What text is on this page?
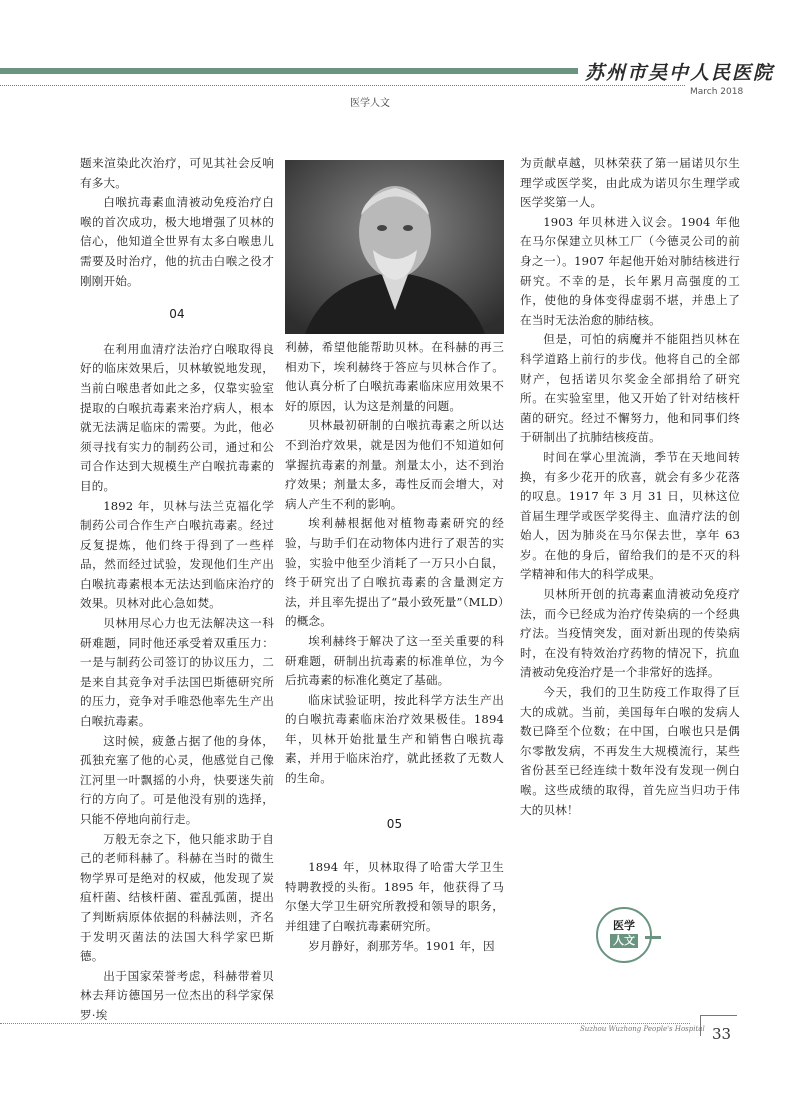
苏州市吴中人民医院
March 2018
医学人文

题来渲染此次治疗，可见其社会反响有多大。

白喉抗毒素血清被动免疫治疗白喉的首次成功，极大地增强了贝林的信心，他知道全世界有太多白喉患儿需要及时治疗，他的抗击白喉之役才刚刚开始。

04

在利用血清疗法治疗白喉取得良好的临床效果后，贝林敏锐地发现，当前白喉患者如此之多，仅靠实验室提取的白喉抗毒素来治疗病人，根本就无法满足临床的需要。为此，他必须寻找有实力的制药公司，通过和公司合作达到大规模生产白喉抗毒素的目的。

1892 年，贝林与法兰克福化学制药公司合作生产白喉抗毒素。经过反复提炼，他们终于得到了一些样品，然而经过试验，发现他们生产出白喉抗毒素根本无法达到临床治疗的效果。贝林对此心急如焚。

贝林用尽心力也无法解决这一科研难题，同时他还承受着双重压力：一是与制药公司签订的协议压力，二是来自其竞争对手法国巴斯德研究所的压力，竞争对手唯恐他率先生产出白喉抗毒素。

这时候，疲惫占据了他的身体，孤独充塞了他的心灵，他感觉自己像江河里一叶飘摇的小舟，快要迷失前行的方向了。可是他没有别的选择，只能不停地向前行走。

万般无奈之下，他只能求助于自己的老师科赫了。科赫在当时的微生物学界可是绝对的权威，他发现了炭疽杆菌、结核杆菌、霍乱弧菌，提出了判断病原体依据的科赫法则，齐名于发明灭菌法的法国大科学家巴斯德。

出于国家荣誉考虑，科赫带着贝林去拜访德国另一位杰出的科学家保罗·埃

利赫，希望他能帮助贝林。在科赫的再三相劝下，埃利赫终于答应与贝林合作了。他认真分析了白喉抗毒素临床应用效果不好的原因，认为这是剂量的问题。

贝林最初研制的白喉抗毒素之所以达不到治疗效果，就是因为他们不知道如何掌握抗毒素的剂量。剂量太小，达不到治疗效果；剂量太多，毒性反而会增大，对病人产生不利的影响。

埃利赫根据他对植物毒素研究的经验，与助手们在动物体内进行了艰苦的实验，实验中他至少消耗了一万只小白鼠，终于研究出了白喉抗毒素的含量测定方法，并且率先提出了“最小致死量”（MLD）的概念。

埃利赫终于解决了这一至关重要的科研难题，研制出抗毒素的标准单位，为今后抗毒素的标准化奠定了基础。

临床试验证明，按此科学方法生产出的白喉抗毒素临床治疗效果极佳。1894 年，贝林开始批量生产和销售白喉抗毒素，并用于临床治疗，就此拯救了无数人的生命。

05

1894 年，贝林取得了哈雷大学卫生特聘教授的头衔。1895 年，他获得了马尔堡大学卫生研究所教授和领导的职务，并组建了白喉抗毒素研究所。

岁月静好，刹那芳华。1901 年，因

为贡献卓越，贝林荣获了第一届诺贝尔生理学或医学奖，由此成为诺贝尔生理学或医学奖第一人。

1903 年贝林进入议会。1904 年他在马尔保建立贝林工厂（今德灵公司的前身之一）。1907 年起他开始对肺结核进行研究。不幸的是，长年累月高强度的工作，使他的身体变得虚弱不堪，并患上了在当时无法治愈的肺结核。

但是，可怕的病魔并不能阻挡贝林在科学道路上前行的步伐。他将自己的全部财产，包括诺贝尔奖金全部捐给了研究所。在实验室里，他又开始了针对结核杆菌的研究。经过不懈努力，他和同事们终于研制出了抗肺结核疫苗。

时间在掌心里流淌，季节在天地间转换，有多少花开的欣喜，就会有多少花落的叹息。1917 年 3 月 31 日，贝林这位首届生理学或医学奖得主、血清疗法的创始人，因为肺炎在马尔保去世，享年 63 岁。在他的身后，留给我们的是不灭的科学精神和伟大的科学成果。

贝林所开创的抗毒素血清被动免疫疗法，而今已经成为治疗传染病的一个经典疗法。当疫情突发，面对新出现的传染病时，在没有特效治疗药物的情况下，抗血清被动免疫治疗是一个非常好的选择。

今天，我们的卫生防疫工作取得了巨大的成就。当前，美国每年白喉的发病人数已降至个位数；在中国，白喉也只是偶尔零散发病，不再发生大规模流行，某些省份甚至已经连续十数年没有发现一例白喉。这些成绩的取得，首先应当归功于伟大的贝林！

医学
人文
Suzhou Wuzhong People's Hospital 33
